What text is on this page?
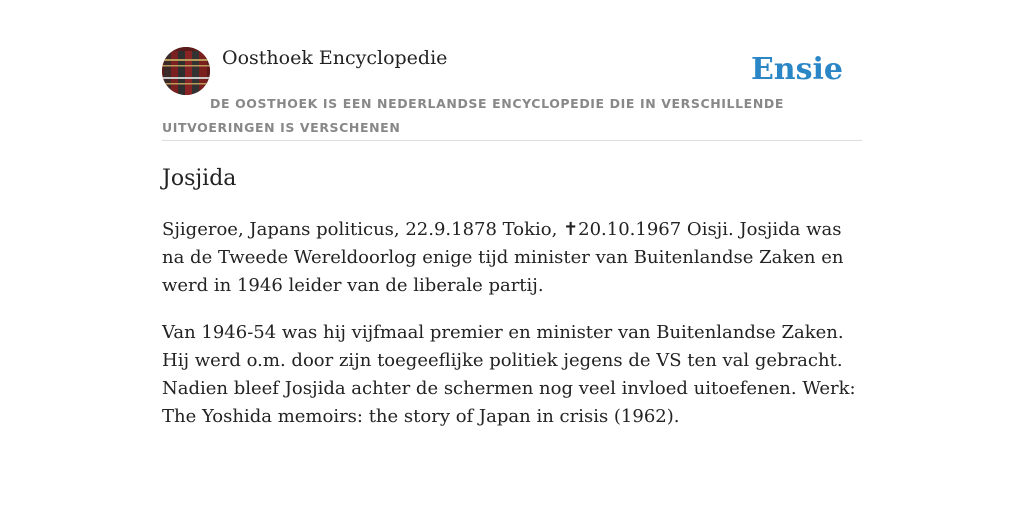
Oosthoek Encyclopedie	Ensie
DE OOSTHOEK IS EEN NEDERLANDSE ENCYCLOPEDIE DIE IN VERSCHILLENDE UITVOERINGEN IS VERSCHENEN
Josjida

Sjigeroe, Japans politicus, 22.9.1878 Tokio, ✝20.10.1967 Oisji. Josjida was na de Tweede Wereldoorlog enige tijd minister van Buitenlandse Zaken en werd in 1946 leider van de liberale partij.

Van 1946-54 was hij vijfmaal premier en minister van Buitenlandse Zaken. Hij werd o.m. door zijn toegeeflijke politiek jegens de VS ten val gebracht. Nadien bleef Josjida achter de schermen nog veel invloed uitoefenen. Werk: The Yoshida memoirs: the story of Japan in crisis (1962).
